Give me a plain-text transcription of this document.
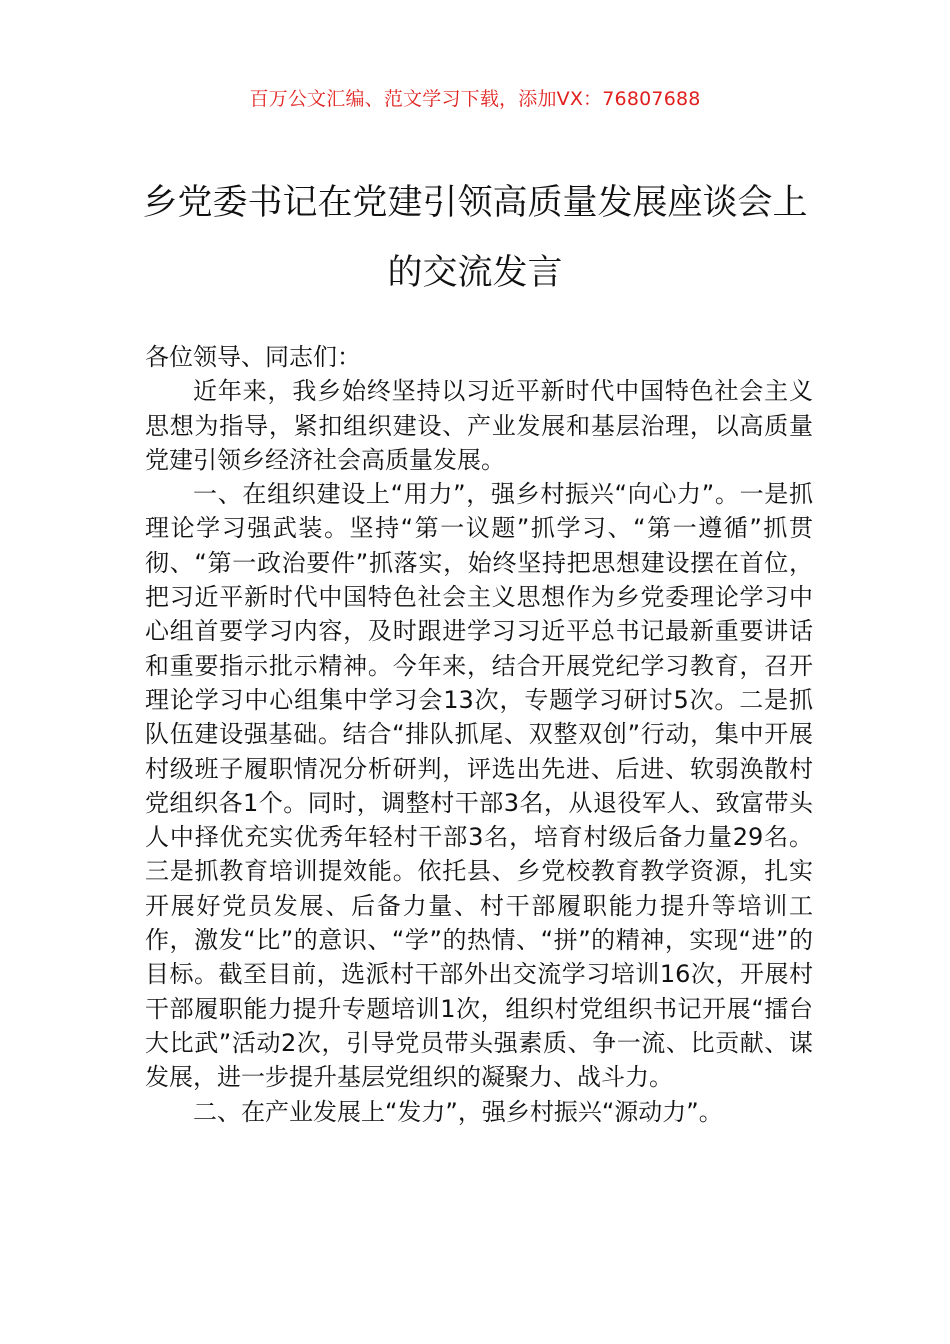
百万公文汇编、范文学习下载，添加VX：76807688
乡党委书记在党建引领高质量发展座谈会上的交流发言

各位领导、同志们：

近年来，我乡始终坚持以习近平新时代中国特色社会主义思想为指导，紧扣组织建设、产业发展和基层治理，以高质量党建引领乡经济社会高质量发展。

一、在组织建设上“用力”，强乡村振兴“向心力”。一是抓理论学习强武装。坚持“第一议题”抓学习、“第一遵循”抓贯彻、“第一政治要件”抓落实，始终坚持把思想建设摆在首位，把习近平新时代中国特色社会主义思想作为乡党委理论学习中心组首要学习内容，及时跟进学习习近平总书记最新重要讲话和重要指示批示精神。今年来，结合开展党纪学习教育，召开理论学习中心组集中学习会13次，专题学习研讨5次。二是抓队伍建设强基础。结合“排队抓尾、双整双创”行动，集中开展村级班子履职情况分析研判，评选出先进、后进、软弱涣散村党组织各1个。同时，调整村干部3名，从退役军人、致富带头人中择优充实优秀年轻村干部3名，培育村级后备力量29名。三是抓教育培训提效能。依托县、乡党校教育教学资源，扎实开展好党员发展、后备力量、村干部履职能力提升等培训工作，激发“比”的意识、“学”的热情、“拼”的精神，实现“进”的目标。截至目前，选派村干部外出交流学习培训16次，开展村干部履职能力提升专题培训1次，组织村党组织书记开展“擂台大比武”活动2次，引导党员带头强素质、争一流、比贡献、谋发展，进一步提升基层党组织的凝聚力、战斗力。

二、在产业发展上“发力”，强乡村振兴“源动力”。
